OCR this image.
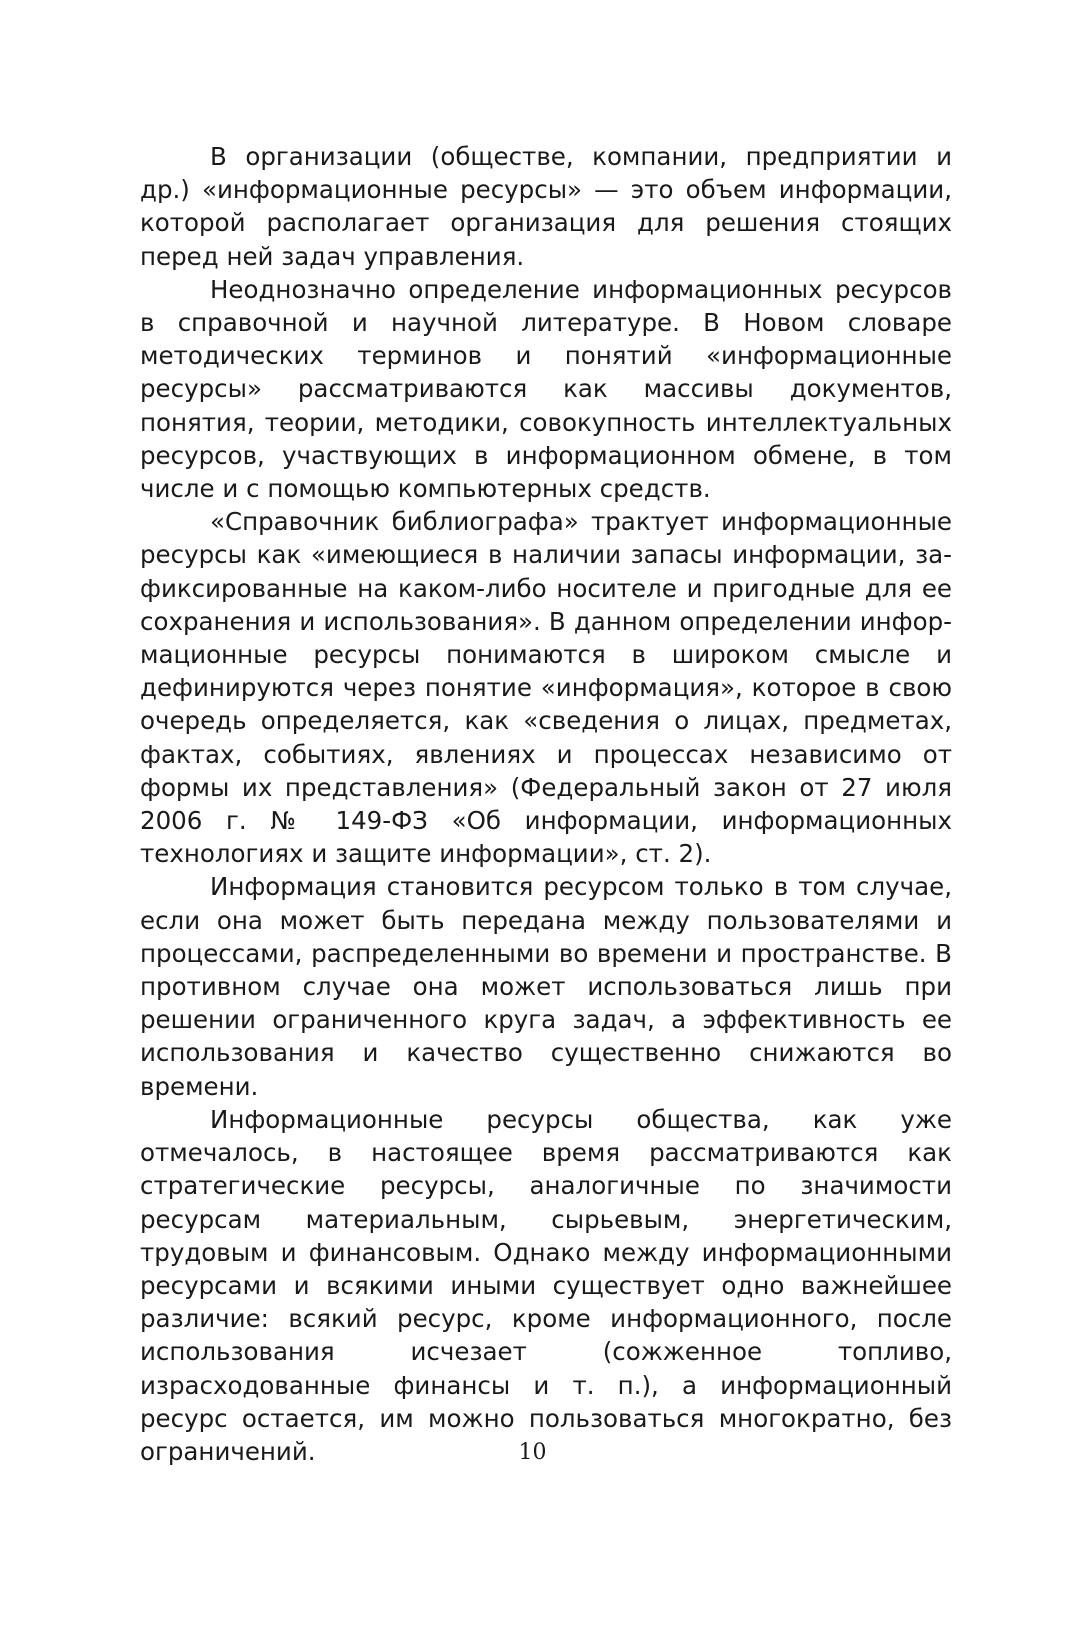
В организации (обществе, компании, предприятии и др.) «информационные ресурсы» — это объем информации, которой располагает организация для решения стоящих перед ней задач управления.

Неоднозначно определение информационных ресурсов в справочной и научной литературе. В Новом словаре методических терминов и понятий «информационные ресурсы» рассматриваются как массивы документов, понятия, теории, методики, совокупность интеллектуальных ресурсов, участвующих в информационном обмене, в том числе и с помощью компьютерных средств.

«Справочник библиографа» трактует информационные ресурсы как «имеющиеся в наличии запасы информации, зафиксированные на каком-либо носителе и пригодные для ее сохранения и использования». В данном определении информационные ресурсы понимаются в широком смысле и дефинируются через понятие «информация», которое в свою очередь определяется, как «сведения о лицах, предметах, фактах, событиях, явлениях и процессах независимо от формы их представления» (Федеральный закон от 27 июля 2006 г. № 149-ФЗ «Об информации, информационных технологиях и защите информации», ст. 2).

Информация становится ресурсом только в том случае, если она может быть передана между пользователями и процессами, распределенными во времени и пространстве. В противном случае она может использоваться лишь при решении ограниченного круга задач, а эффективность ее использования и качество существенно снижаются во времени.

Информационные ресурсы общества, как уже отмечалось, в настоящее время рассматриваются как стратегические ресурсы, аналогичные по значимости ресурсам материальным, сырьевым, энергетическим, трудовым и финансовым. Однако между информационными ресурсами и всякими иными существует одно важнейшее различие: всякий ресурс, кроме информационного, после использования исчезает (сожженное топливо, израсходованные финансы и т. п.), а информационный ресурс остается, им можно пользоваться многократно, без ограничений.	10
